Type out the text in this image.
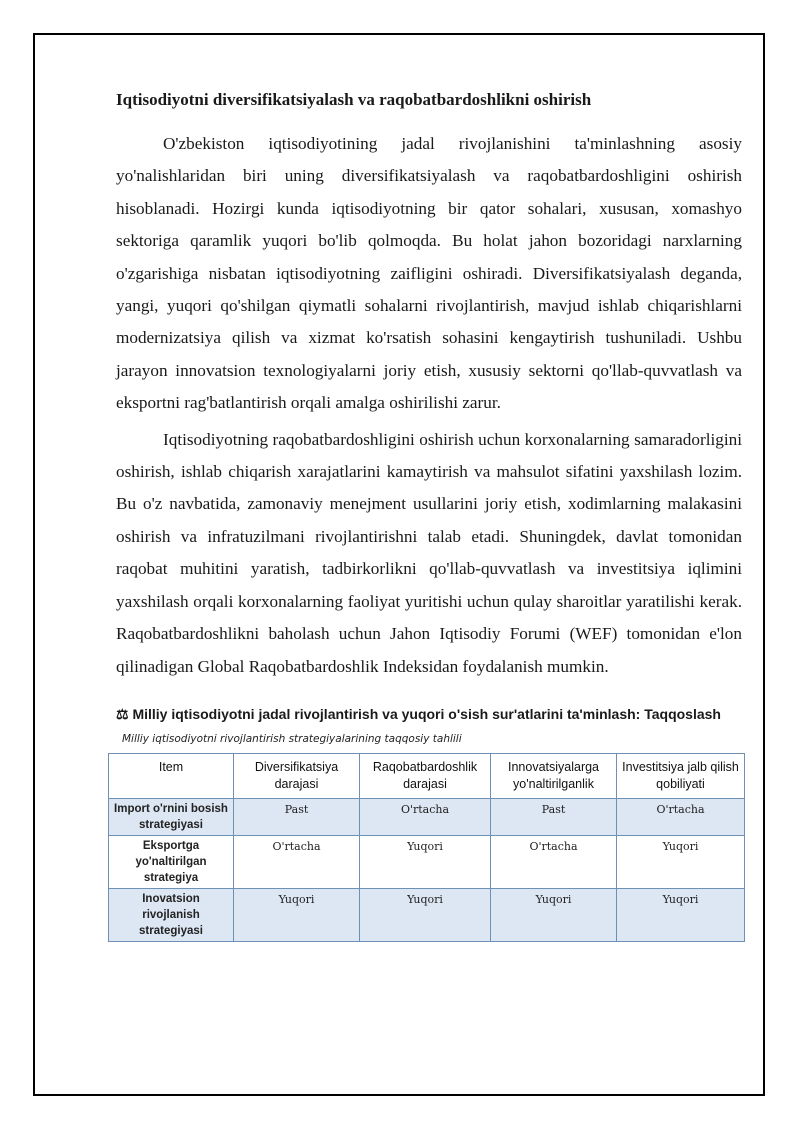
Iqtisodiyotni diversifikatsiyalash va raqobatbardoshlikni oshirish

O'zbekiston iqtisodiyotining jadal rivojlanishini ta'minlashning asosiy yo'nalishlaridan biri uning diversifikatsiyalash va raqobatbardoshligini oshirish hisoblanadi. Hozirgi kunda iqtisodiyotning bir qator sohalari, xususan, xomashyo sektoriga qaramlik yuqori bo'lib qolmoqda. Bu holat jahon bozoridagi narxlarning o'zgarishiga nisbatan iqtisodiyotning zaifligini oshiradi. Diversifikatsiyalash deganda, yangi, yuqori qo'shilgan qiymatli sohalarni rivojlantirish, mavjud ishlab chiqarishlarni modernizatsiya qilish va xizmat ko'rsatish sohasini kengaytirish tushuniladi. Ushbu jarayon innovatsion texnologiyalarni joriy etish, xususiy sektorni qo'llab-quvvatlash va eksportni rag'batlantirish orqali amalga oshirilishi zarur.

Iqtisodiyotning raqobatbardoshligini oshirish uchun korxonalarning samaradorligini oshirish, ishlab chiqarish xarajatlarini kamaytirish va mahsulot sifatini yaxshilash lozim. Bu o'z navbatida, zamonaviy menejment usullarini joriy etish, xodimlarning malakasini oshirish va infratuzilmani rivojlantirishni talab etadi. Shuningdek, davlat tomonidan raqobat muhitini yaratish, tadbirkorlikni qo'llab-quvvatlash va investitsiya iqlimini yaxshilash orqali korxonalarning faoliyat yuritishi uchun qulay sharoitlar yaratilishi kerak. Raqobatbardoshlikni baholash uchun Jahon Iqtisodiy Forumi (WEF) tomonidan e'lon qilinadigan Global Raqobatbardoshlik Indeksidan foydalanish mumkin.

⚖ Milliy iqtisodiyotni jadal rivojlantirish va yuqori o'sish sur'atlarini ta'minlash: Taqqoslash
Milliy iqtisodiyotni rivojlantirish strategiyalarining taqqosiy tahlili
Item	Diversifikatsiya darajasi	Raqobatbardoshlik darajasi	Innovatsiyalarga yo'naltirilganlik	Investitsiya jalb qilish qobiliyati
Import o'rnini bosish strategiyasi	Past	O'rtacha	Past	O'rtacha
Eksportga yo'naltirilgan strategiya	O'rtacha	Yuqori	O'rtacha	Yuqori
Inovatsion rivojlanish strategiyasi	Yuqori	Yuqori	Yuqori	Yuqori
